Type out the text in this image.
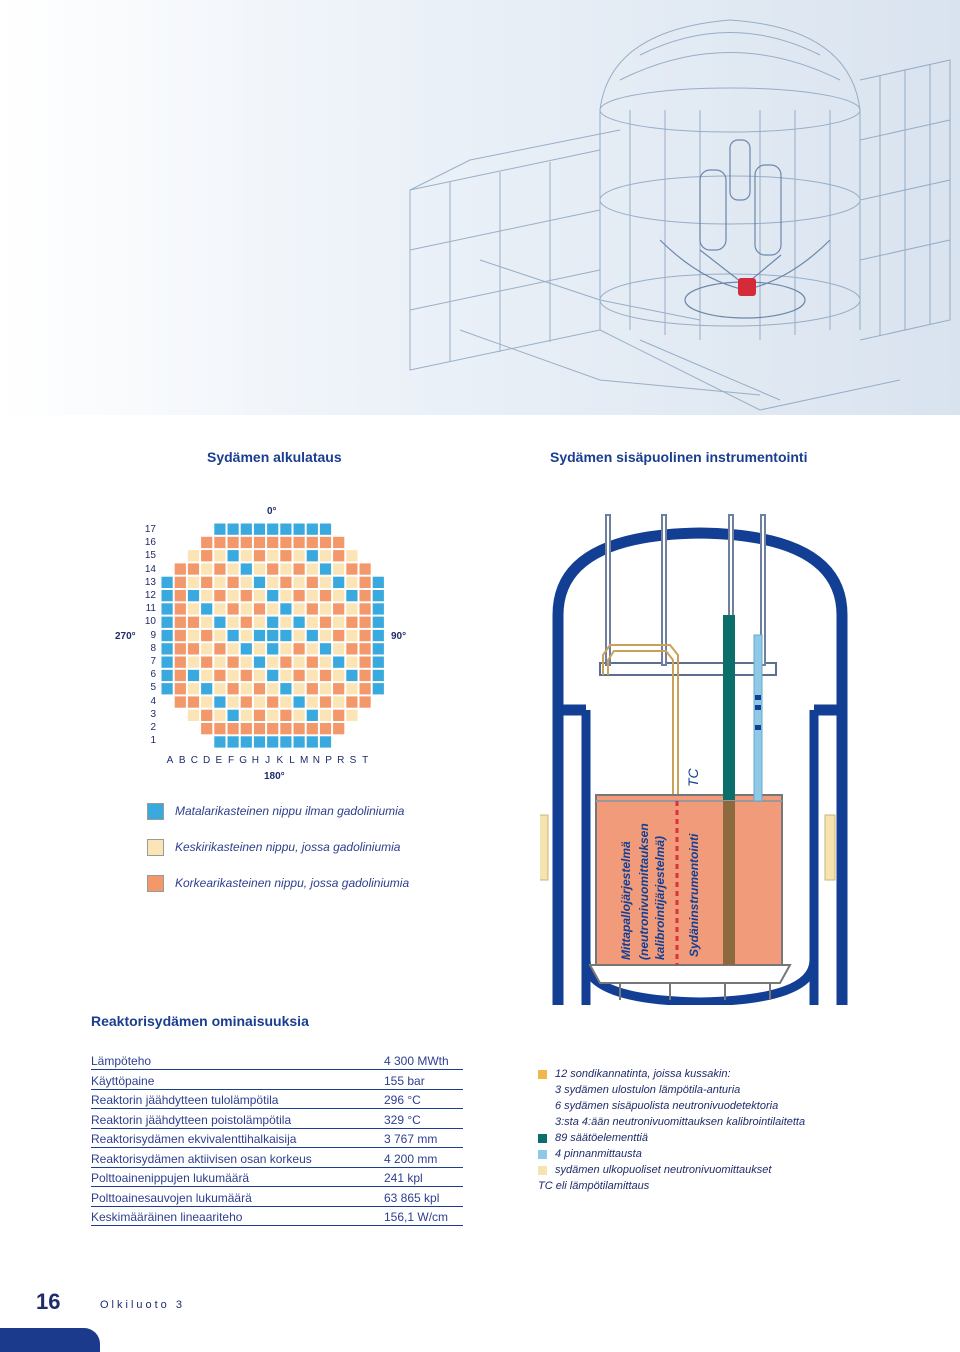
Sydämen alkulataus	Sydämen sisäpuolinen instrumentointi
0°
180°
270°	90°
17
16
15
14
13
12
11
10
9
8
7
6
5
4
3
2
1
A B C D E F G H J K L M N P R S T
Matalarikasteinen nippu ilman gadoliniumia
Keskirikasteinen nippu, jossa gadoliniumia
Korkearikasteinen nippu, jossa gadoliniumia
TC
Mittapallojärjestelmä (neutronivuomittauksen kalibrointijärjestelmä) Sydäninstrumentointi
Reaktorisydämen ominaisuuksia
Lämpöteho	4 300 MWth
Käyttöpaine	155 bar
Reaktorin jäähdytteen tulolämpötila	296 °C
Reaktorin jäähdytteen poistolämpötila	329 °C
Reaktorisydämen ekvivalenttihalkaisija	3 767 mm
Reaktorisydämen aktiivisen osan korkeus	4 200 mm
Polttoainenippujen lukumäärä	241 kpl
Polttoainesauvojen lukumäärä	63 865 kpl
Keskimääräinen lineaariteho	156,1 W/cm
12 sondikannatinta, joissa kussakin:
3 sydämen ulostulon lämpötila-anturia
6 sydämen sisäpuolista neutronivuodetektoria
3:sta 4:ään neutronivuomittauksen kalibrointilaitetta
89 säätöelementtiä
4 pinnanmittausta
sydämen ulkopuoliset neutronivuomittaukset
TC eli lämpötilamittaus
16	Olkiluoto 3
